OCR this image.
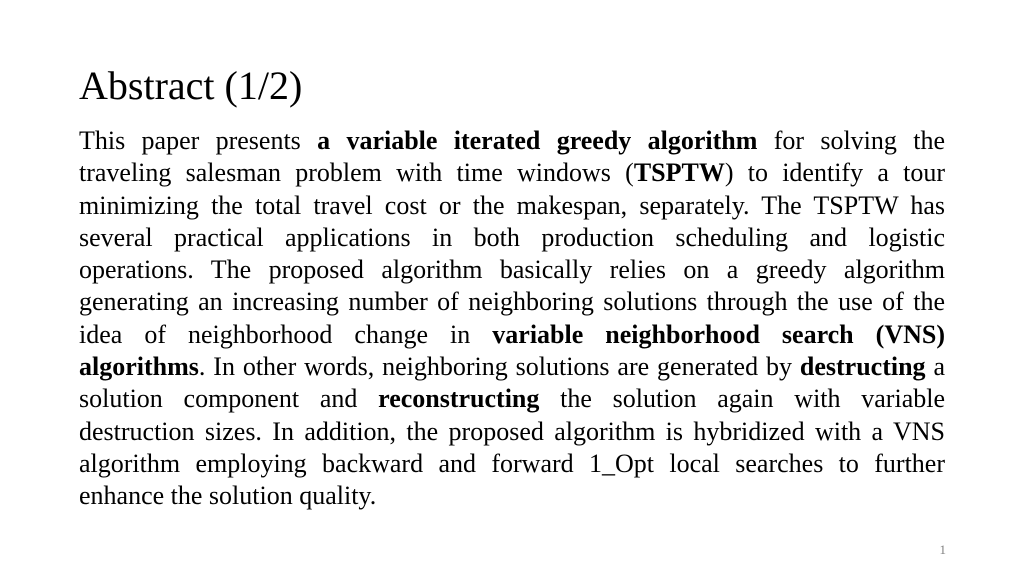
Abstract (1/2)

This paper presents a variable iterated greedy algorithm for solving the traveling salesman problem with time windows (TSPTW) to identify a tour minimizing the total travel cost or the makespan, separately. The TSPTW has several practical applications in both production scheduling and logistic operations. The proposed algorithm basically relies on a greedy algorithm generating an increasing number of neighboring solutions through the use of the idea of neighborhood change in variable neighborhood search (VNS) algorithms. In other words, neighboring solutions are generated by destructing a solution component and reconstructing the solution again with variable destruction sizes. In addition, the proposed algorithm is hybridized with a VNS algorithm employing backward and forward 1_Opt local searches to further enhance the solution quality.

1
